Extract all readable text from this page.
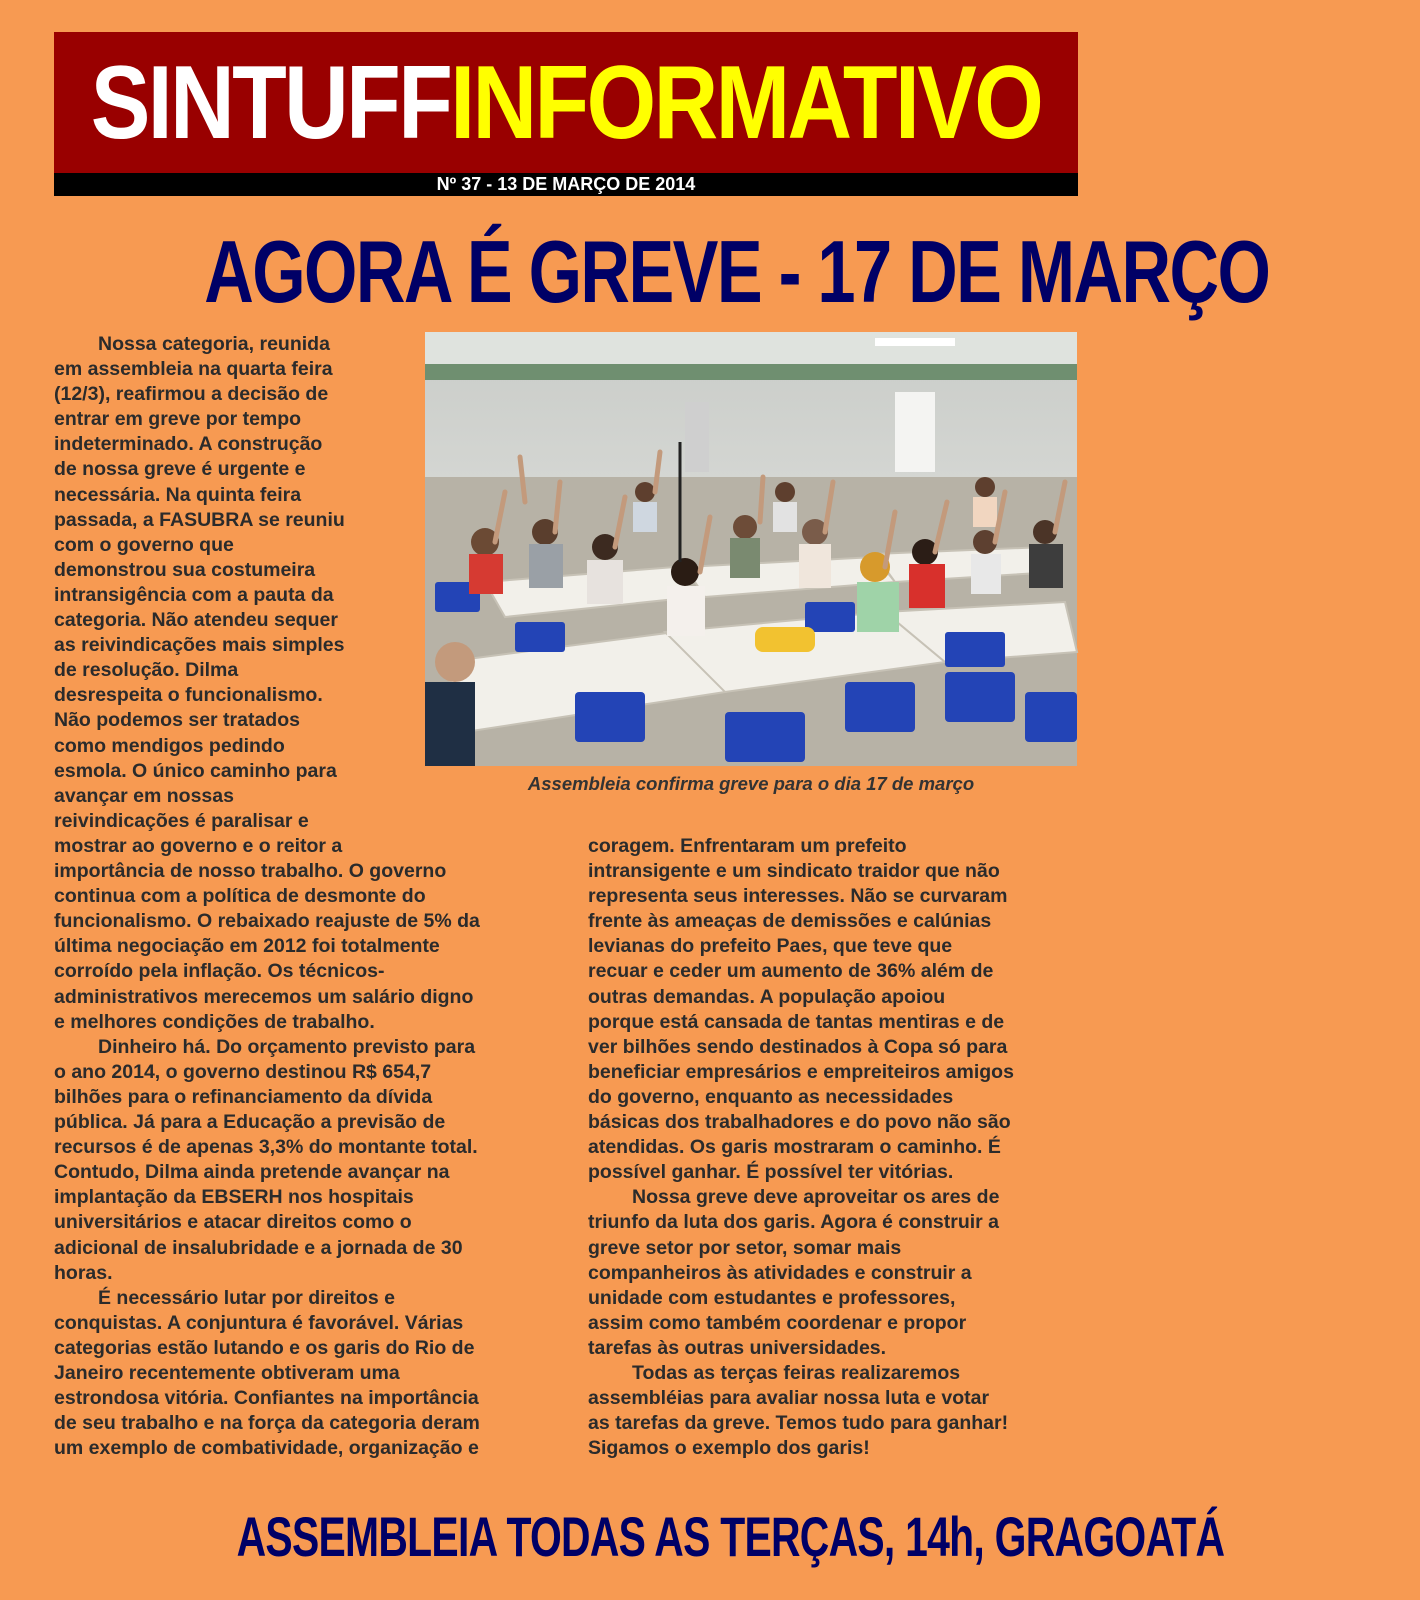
SINTUFF INFORMATIVO
Nº 37 - 13 DE MARÇO DE 2014
AGORA É GREVE - 17 DE MARÇO
Assembleia confirma greve para o dia 17 de março
Nossa categoria, reunida
em assembleia na quarta feira
(12/3), reafirmou a decisão de
entrar em greve por tempo
indeterminado. A construção
de nossa greve é urgente e
necessária. Na quinta feira
passada, a FASUBRA se reuniu
com o governo que
demonstrou sua costumeira
intransigência com a pauta da
categoria. Não atendeu sequer
as reivindicações mais simples
de resolução. Dilma
desrespeita o funcionalismo.
Não podemos ser tratados
como mendigos pedindo
esmola. O único caminho para
avançar em nossas
reivindicações é paralisar e
mostrar ao governo e o reitor a
importância de nosso trabalho. O governo
continua com a política de desmonte do
funcionalismo. O rebaixado reajuste de 5% da
última negociação em 2012 foi totalmente
corroído pela inflação. Os técnicos-
administrativos merecemos um salário digno
e melhores condições de trabalho.
Dinheiro há. Do orçamento previsto para
o ano 2014, o governo destinou R$ 654,7
bilhões para o refinanciamento da dívida
pública. Já para a Educação a previsão de
recursos é de apenas 3,3% do montante total.
Contudo, Dilma ainda pretende avançar na
implantação da EBSERH nos hospitais
universitários e atacar direitos como o
adicional de insalubridade e a jornada de 30
horas.
É necessário lutar por direitos e
conquistas. A conjuntura é favorável. Várias
categorias estão lutando e os garis do Rio de
Janeiro recentemente obtiveram uma
estrondosa vitória. Confiantes na importância
de seu trabalho e na força da categoria deram
um exemplo de combatividade, organização e
coragem. Enfrentaram um prefeito
intransigente e um sindicato traidor que não
representa seus interesses. Não se curvaram
frente às ameaças de demissões e calúnias
levianas do prefeito Paes, que teve que
recuar e ceder um aumento de 36% além de
outras demandas. A população apoiou
porque está cansada de tantas mentiras e de
ver bilhões sendo destinados à Copa só para
beneficiar empresários e empreiteiros amigos
do governo, enquanto as necessidades
básicas dos trabalhadores e do povo não são
atendidas. Os garis mostraram o caminho. É
possível ganhar. É possível ter vitórias.
Nossa greve deve aproveitar os ares de
triunfo da luta dos garis. Agora é construir a
greve setor por setor, somar mais
companheiros às atividades e construir a
unidade com estudantes e professores,
assim como também coordenar e propor
tarefas às outras universidades.
Todas as terças feiras realizaremos
assembléias para avaliar nossa luta e votar
as tarefas da greve. Temos tudo para ganhar!
Sigamos o exemplo dos garis!
ASSEMBLEIA TODAS AS TERÇAS, 14h, GRAGOATÁ
